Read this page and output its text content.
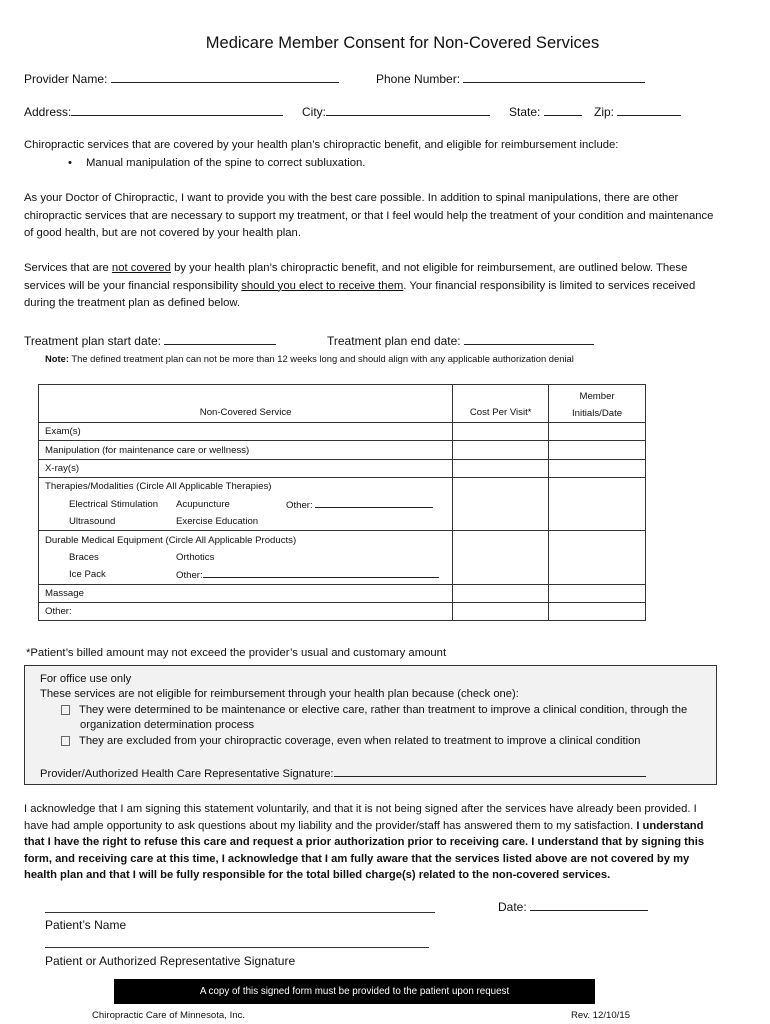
Medicare Member Consent for Non-Covered Services
Provider Name:	Phone Number:
Address:	City:	State:	Zip:
Chiropractic services that are covered by your health plan’s chiropractic benefit, and eligible for reimbursement include:
• Manual manipulation of the spine to correct subluxation.
As your Doctor of Chiropractic, I want to provide you with the best care possible. In addition to spinal manipulations, there are other chiropractic services that are necessary to support my treatment, or that I feel would help the treatment of your condition and maintenance of good health, but are not covered by your health plan.
Services that are not covered by your health plan’s chiropractic benefit, and not eligible for reimbursement, are outlined below. These services will be your financial responsibility should you elect to receive them. Your financial responsibility is limited to services received during the treatment plan as defined below.
Treatment plan start date:	Treatment plan end date:
Note: The defined treatment plan can not be more than 12 weeks long and should align with any applicable authorization denial
Non-Covered Service	Cost Per Visit*	Member
Initials/Date

Exam(s)		
Manipulation (for maintenance care or wellness)		
X-ray(s)		
Therapies/Modalities (Circle All Applicable Therapies)		

Electrical Stimulation Acupuncture Other:		

Ultrasound Exercise Education		

Durable Medical Equipment (Circle All Applicable Products)		

Braces Orthotics		

Ice Pack Other:		

Massage		
Other:		
*Patient’s billed amount may not exceed the provider’s usual and customary amount
For office use only
These services are not eligible for reimbursement through your health plan because (check one):
They were determined to be maintenance or elective care, rather than treatment to improve a clinical condition, through the
organization determination process
They are excluded from your chiropractic coverage, even when related to treatment to improve a clinical condition
Provider/Authorized Health Care Representative Signature:
I acknowledge that I am signing this statement voluntarily, and that it is not being signed after the services have already been provided. I have had ample opportunity to ask questions about my liability and the provider/staff has answered them to my satisfaction. I understand that I have the right to refuse this care and request a prior authorization prior to receiving care. I understand that by signing this form, and receiving care at this time, I acknowledge that I am fully aware that the services listed above are not covered by my health plan and that I will be fully responsible for the total billed charge(s) related to the non-covered services.
Date:
Patient’s Name
Patient or Authorized Representative Signature
A copy of this signed form must be provided to the patient upon request
Chiropractic Care of Minnesota, Inc.	Rev. 12/10/15
